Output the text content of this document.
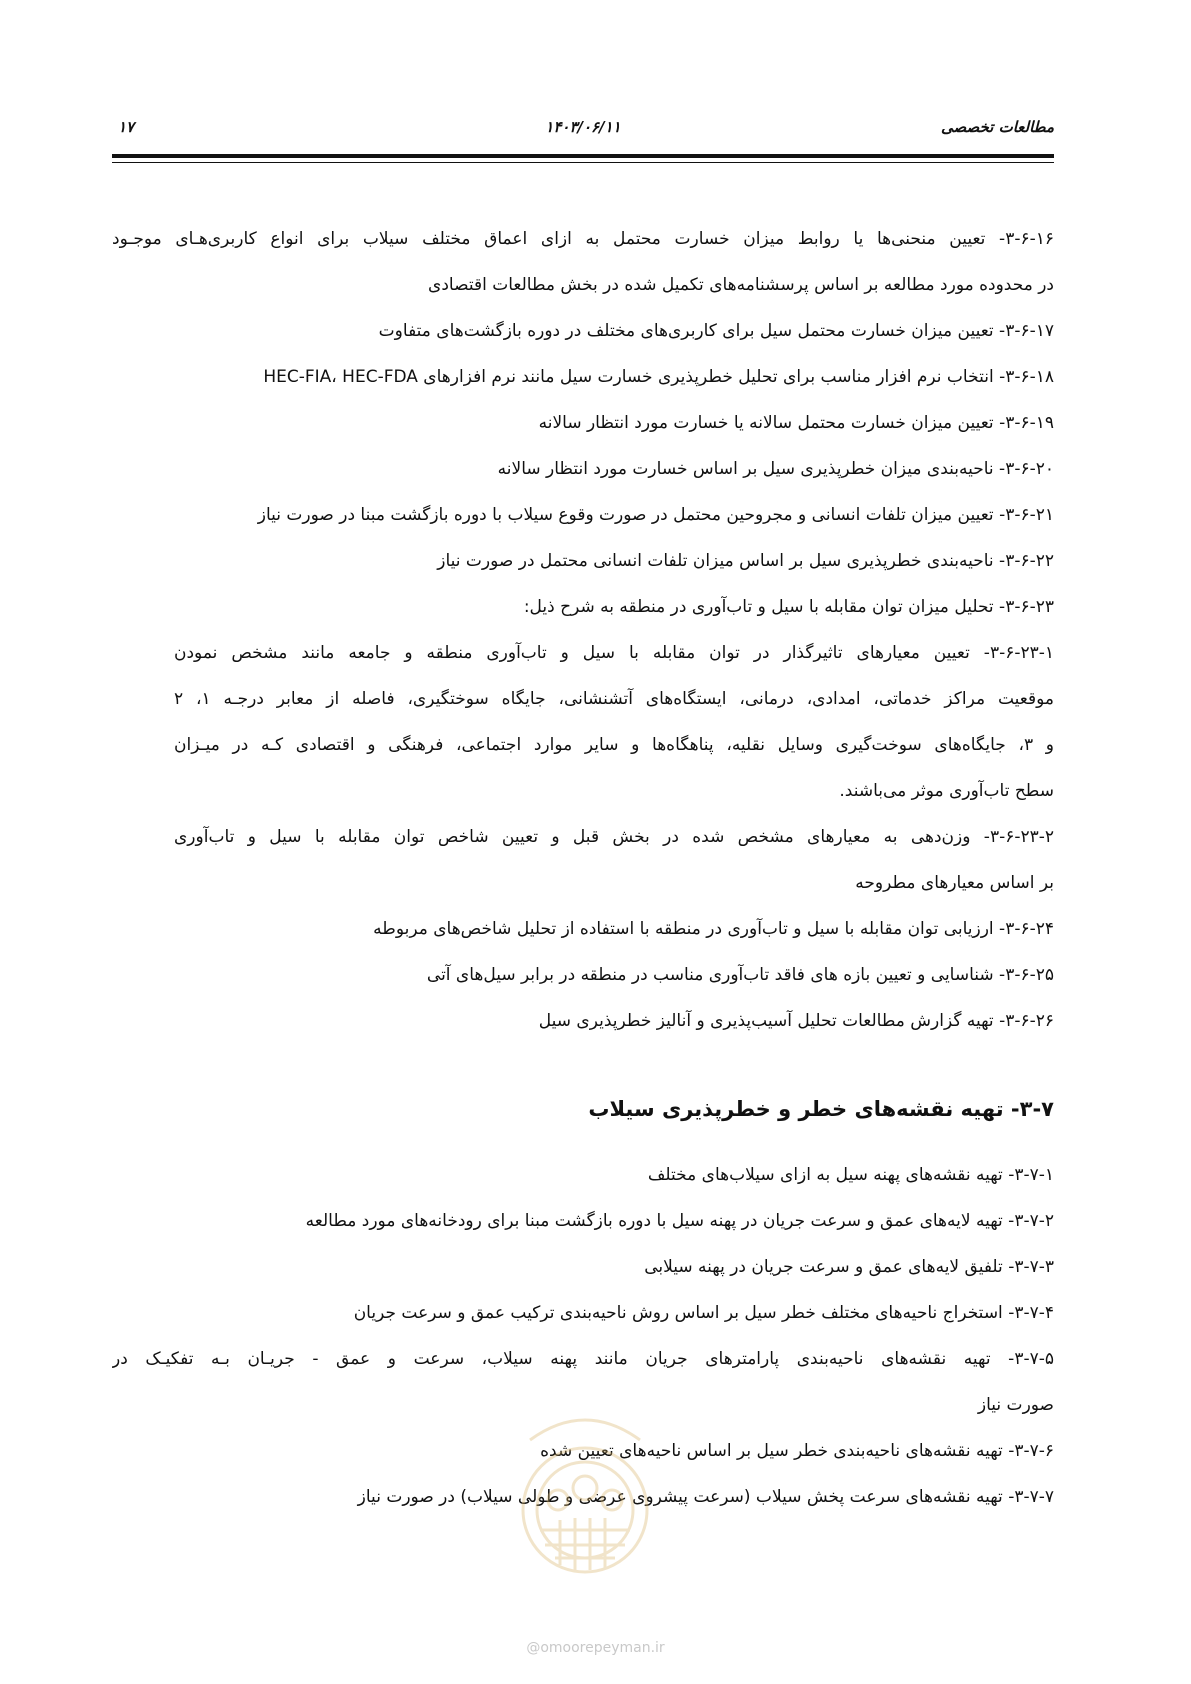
مطالعات تخصصی
۱۴۰۳/۰۶/۱۱
۱۷
۳-۶-۱۶- تعیین منحنی‌ها یا روابط میزان خسارت محتمل به ازای اعماق مختلف سیلاب برای انواع کاربری‌هـای موجـود
در محدوده مورد مطالعه بر اساس پرسشنامه‌های تکمیل شده در بخش مطالعات اقتصادی
۳-۶-۱۷- تعیین میزان خسارت محتمل سیل برای کاربری‌های مختلف در دوره بازگشت‌های متفاوت
۳-۶-۱۸- انتخاب نرم افزار مناسب برای تحلیل خطرپذیری خسارت سیل مانند نرم افزارهای HEC-FIA، HEC-FDA
۳-۶-۱۹- تعیین میزان خسارت محتمل سالانه یا خسارت مورد انتظار سالانه
۳-۶-۲۰- ناحیه‌بندی میزان خطرپذیری سیل بر اساس خسارت مورد انتظار سالانه
۳-۶-۲۱- تعیین میزان تلفات انسانی و مجروحین محتمل در صورت وقوع سیلاب با دوره بازگشت مبنا در صورت نیاز
۳-۶-۲۲- ناحیه‌بندی خطرپذیری سیل بر اساس میزان تلفات انسانی محتمل در صورت نیاز
۳-۶-۲۳- تحلیل میزان توان مقابله با سیل و تاب‌آوری در منطقه به شرح ذیل:
۳-۶-۲۳-۱- تعیین معیارهای تاثیرگذار در توان مقابله با سیل و تاب‌آوری منطقه و جامعه مانند مشخص نمودن
موقعیت مراکز خدماتی، امدادی، درمانی، ایستگاه‌های آتشنشانی، جایگاه سوختگیری، فاصله از معابر درجـه ۱، ۲
و ۳، جایگاه‌های سوخت‌گیری وسایل نقلیه، پناهگاه‌ها و سایر موارد اجتماعی، فرهنگی و اقتصادی کـه در میـزان
سطح تاب‌آوری موثر می‌باشند.
۳-۶-۲۳-۲- وزن‌دهی به معیارهای مشخص شده در بخش قبل و تعیین شاخص توان مقابله با سیل و تاب‌آوری
بر اساس معیارهای مطروحه
۳-۶-۲۴- ارزیابی توان مقابله با سیل و تاب‌آوری در منطقه با استفاده از تحلیل شاخص‌های مربوطه
۳-۶-۲۵- شناسایی و تعیین بازه های فاقد تاب‌آوری مناسب در منطقه در برابر سیل‌های آتی
۳-۶-۲۶- تهیه گزارش مطالعات تحلیل آسیب‌پذیری و آنالیز خطرپذیری سیل
۳-۷- تهیه نقشه‌های خطر و خطرپذیری سیلاب
۳-۷-۱- تهیه نقشه‌های پهنه سیل به ازای سیلاب‌های مختلف
۳-۷-۲- تهیه لایه‌های عمق و سرعت جریان در پهنه سیل با دوره بازگشت مبنا برای رودخانه‌های مورد مطالعه
۳-۷-۳- تلفیق لایه‌های عمق و سرعت جریان در پهنه سیلابی
۳-۷-۴- استخراج ناحیه‌های مختلف خطر سیل بر اساس روش ناحیه‌بندی ترکیب عمق و سرعت جریان
۳-۷-۵- تهیه نقشه‌های ناحیه‌بندی پارامترهای جریان مانند پهنه سیلاب، سرعت و عمق - جریـان بـه تفکیـک در
صورت نیاز
۳-۷-۶- تهیه نقشه‌های ناحیه‌بندی خطر سیل بر اساس ناحیه‌های تعیین شده
۳-۷-۷- تهیه نقشه‌های سرعت پخش سیلاب (سرعت پیشروی عرضی و طولی سیلاب) در صورت نیاز
@omoorepeyman.ir
